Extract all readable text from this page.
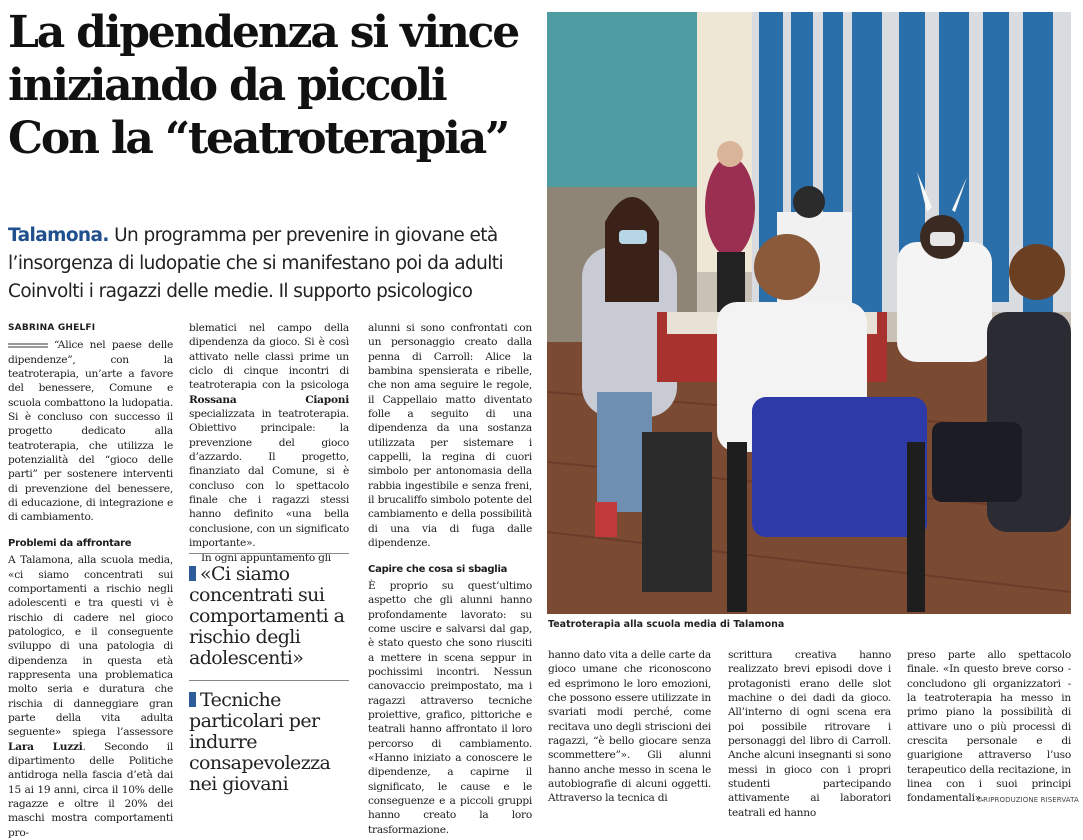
La dipendenza si vince
iniziando da piccoli
Con la “teatroterapia”
Talamona. Un programma per prevenire in giovane età
l’insorgenza di ludopatie che si manifestano poi da adulti
Coinvolti i ragazzi delle medie. Il supporto psicologico
SABRINA GHELFI

“Alice nel paese delle dipendenze”, con la teatroterapia, un’arte a favore del benessere, Comune e scuola combattono la ludopatia. Si è concluso con successo il progetto dedicato alla teatroterapia, che utilizza le potenzialità del “gioco delle parti” per sostenere interventi di prevenzione del benessere, di educazione, di integrazione e di cambiamento.

Problemi da affrontare

A Talamona, alla scuola media, «ci siamo concentrati sui comportamenti a rischio negli adolescenti e tra questi vi è rischio di cadere nel gioco patologico, e il conseguente sviluppo di una patologia di dipendenza in questa età rappresenta una problematica molto seria e duratura che rischia di danneggiare gran parte della vita adulta seguente» spiega l’assessore Lara Luzzi. Secondo il dipartimento delle Politiche antidroga nella fascia d’età dai 15 ai 19 anni, circa il 10% delle ragazze e oltre il 20% dei maschi mostra comportamenti pro-

blematici nel campo della dipendenza da gioco. Si è così attivato nelle classi prime un ciclo di cinque incontri di teatroterapia con la psicologa Rossana Ciaponi specializzata in teatroterapia. Obiettivo principale: la prevenzione del gioco d’azzardo. Il progetto, finanziato dal Comune, si è concluso con lo spettacolo finale che i ragazzi stessi hanno definito «una bella conclusione, con un significato importante».

In ogni appuntamento gli

«Ci siamo concentrati sui comportamenti a rischio degli adolescenti»
Tecniche particolari per indurre consapevolezza nei giovani

alunni si sono confrontati con un personaggio creato dalla penna di Carroll: Alice la bambina spensierata e ribelle, che non ama seguire le regole, il Cappellaio matto diventato folle a seguito di una dipendenza da una sostanza utilizzata per sistemare i cappelli, la regina di cuori simbolo per antonomasia della rabbia ingestibile e senza freni, il brucaliffo simbolo potente del cambiamento e della possibilità di una via di fuga dalle dipendenze.

Capire che cosa si sbaglia

È proprio su quest’ultimo aspetto che gli alunni hanno profondamente lavorato: su come uscire e salvarsi dal gap, è stato questo che sono riusciti a mettere in scena seppur in pochissimi incontri. Nessun canovaccio preimpostato, ma i ragazzi attraverso tecniche proiettive, grafico, pittoriche e teatrali hanno affrontato il loro percorso di cambiamento. «Hanno iniziato a conoscere le dipendenze, a capirne il significato, le cause e le conseguenze e a piccoli gruppi hanno creato la loro trasformazione.

Teatroterapia alla scuola media di Talamona
hanno dato vita a delle carte da gioco umane che riconoscono ed esprimono le loro emozioni, che possono essere utilizzate in svariati modi perché, come recitava uno degli striscioni dei ragazzi, “è bello giocare senza scommettere”». Gli alunni hanno anche messo in scena le autobiografie di alcuni oggetti. Attraverso la tecnica di
scrittura creativa hanno realizzato brevi episodi dove i protagonisti erano delle slot machine o dei dadi da gioco. All’interno di ogni scena era poi possibile ritrovare i personaggi del libro di Carroll. Anche alcuni insegnanti si sono messi in gioco con i propri studenti partecipando attivamente ai laboratori teatrali ed hanno
preso parte allo spettacolo finale. «In questo breve corso - concludono gli organizzatori - la teatroterapia ha messo in primo piano la possibilità di attivare uno o più processi di crescita personale e di guarigione attraverso l’uso terapeutico della recitazione, in linea con i suoi principi fondamentali».
©RIPRODUZIONE RISERVATA
